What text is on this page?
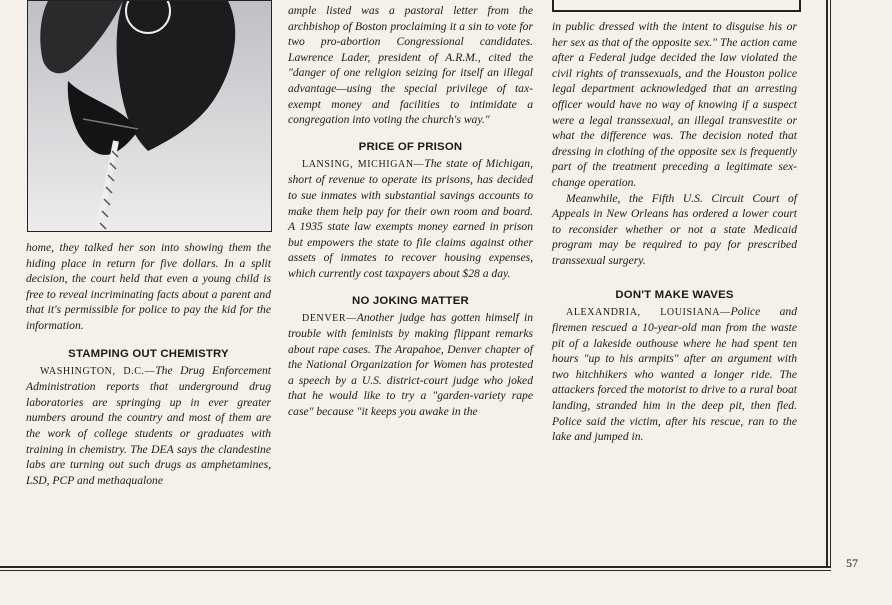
home, they talked her son into showing them the hiding place in return for five dollars. In a split decision, the court held that even a young child is free to reveal incriminating facts about a parent and that it's permissible for police to pay the kid for the information.

STAMPING OUT CHEMISTRY

WASHINGTON, D.C.—The Drug Enforcement Administration reports that underground drug laboratories are springing up in ever greater numbers around the country and most of them are the work of college students or graduates with training in chemistry. The DEA says the clandestine labs are turning out such drugs as amphetamines, LSD, PCP and methaqualone

ample listed was a pastoral letter from the archbishop of Boston proclaiming it a sin to vote for two pro-abortion Congressional candidates. Lawrence Lader, president of A.R.M., cited the "danger of one religion seizing for itself an illegal advantage—using the special privilege of tax-exempt money and facilities to intimidate a congregation into voting the church's way."

PRICE OF PRISON

LANSING, MICHIGAN—The state of Michigan, short of revenue to operate its prisons, has decided to sue inmates with substantial savings accounts to make them help pay for their own room and board. A 1935 state law exempts money earned in prison but empowers the state to file claims against other assets of inmates to recover housing expenses, which currently cost taxpayers about $28 a day.

NO JOKING MATTER

DENVER—Another judge has gotten himself in trouble with feminists by making flippant remarks about rape cases. The Arapahoe, Denver chapter of the National Organization for Women has protested a speech by a U.S. district-court judge who joked that he would like to try a "garden-variety rape case" because "it keeps you awake in the

in public dressed with the intent to disguise his or her sex as that of the opposite sex." The action came after a Federal judge decided the law violated the civil rights of transsexuals, and the Houston police legal department acknowledged that an arresting officer would have no way of knowing if a suspect were a legal transsexual, an illegal transvestite or what the difference was. The decision noted that dressing in clothing of the opposite sex is frequently part of the treatment preceding a legitimate sex-change operation.

Meanwhile, the Fifth U.S. Circuit Court of Appeals in New Orleans has ordered a lower court to reconsider whether or not a state Medicaid program may be required to pay for prescribed transsexual surgery.

DON'T MAKE WAVES

ALEXANDRIA, LOUISIANA—Police and firemen rescued a 10-year-old man from the waste pit of a lakeside outhouse where he had spent ten hours "up to his armpits" after an argument with two hitchhikers who wanted a longer ride. The attackers forced the motorist to drive to a rural boat landing, stranded him in the deep pit, then fled. Police said the victim, after his rescue, ran to the lake and jumped in.

57
